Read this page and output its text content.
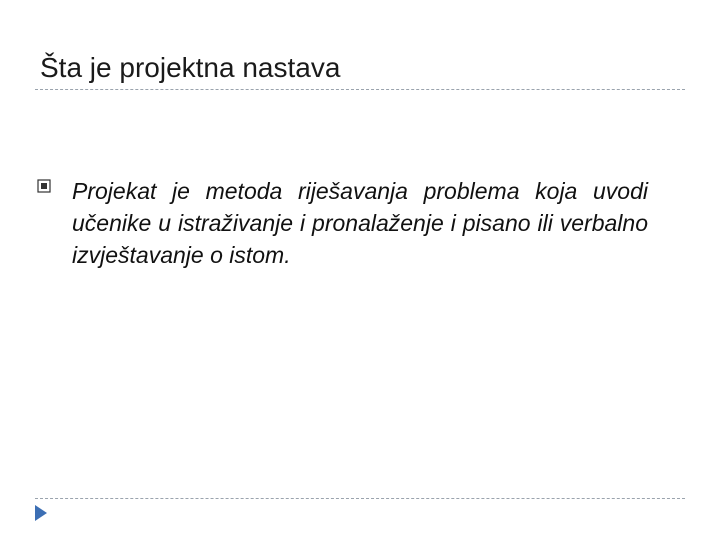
Šta je projektna nastava
Projekat je metoda riješavanja problema koja uvodi učenike u istraživanje i pronalaženje i pisano ili verbalno izvještavanje o istom.
